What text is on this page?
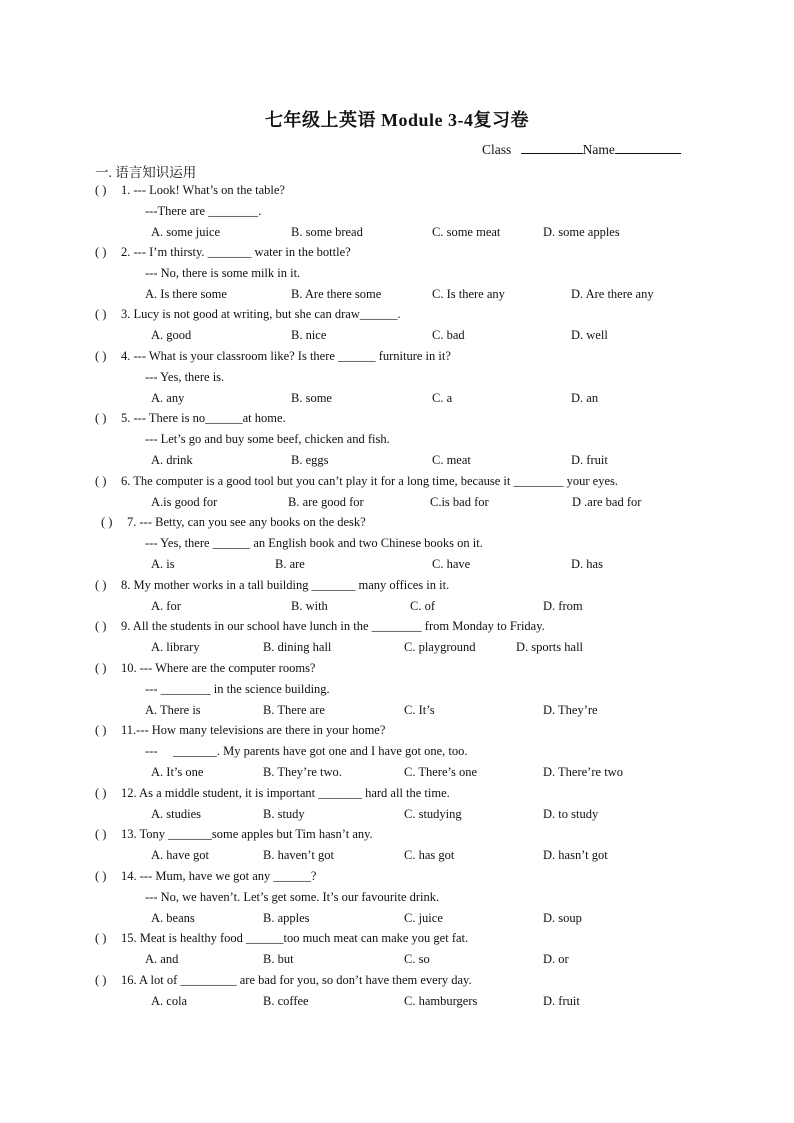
七年级上英语 Module 3-4复习卷
Class	Name
一. 语言知识运用
( ) 1. --- Look! What’s on the table?
---There are ________.
A. some juice	B. some bread	C. some meat	D. some apples
( ) 2. --- I’m thirsty. _______ water in the bottle?
--- No, there is some milk in it.
A. Is there some	B. Are there some	C. Is there any	D. Are there any
( ) 3. Lucy is not good at writing, but she can draw______.
A. good	B. nice	C. bad	D. well
( ) 4. --- What is your classroom like? Is there ______ furniture in it?
--- Yes, there is.
A. any	B. some	C. a	D. an
( ) 5. --- There is no______at home.
--- Let’s go and buy some beef, chicken and fish.
A. drink	B. eggs	C. meat	D. fruit
( ) 6. The computer is a good tool but you can’t play it for a long time, because it ________ your eyes.
A.is good for	B. are good for	C.is bad for	D .are bad for
( ) 7. --- Betty, can you see any books on the desk?
--- Yes, there ______ an English book and two Chinese books on it.
A. is	B. are	C. have	D. has
( ) 8. My mother works in a tall building _______ many offices in it.
A. for	B. with	C. of	D. from
( ) 9. All the students in our school have lunch in the ________ from Monday to Friday.
A. library	B. dining hall	C. playground	D. sports hall
( ) 10. --- Where are the computer rooms?
--- ________ in the science building.
A. There is	B. There are	C. It’s	D. They’re
( ) 11.--- How many televisions are there in your home?
---     _______. My parents have got one and I have got one, too.
A. It’s one	B. They’re two.	C. There’s one	D. There’re two
( ) 12. As a middle student, it is important _______ hard all the time.
A. studies	B. study	C. studying	D. to study
( ) 13. Tony _______some apples but Tim hasn’t any.
A. have got	B. haven’t got	C. has got	D. hasn’t got
( ) 14. --- Mum, have we got any ______?
--- No, we haven’t. Let’s get some. It’s our favourite drink.
A. beans	B. apples	C. juice	D. soup
( ) 15. Meat is healthy food ______too much meat can make you get fat.
A. and	B. but	C. so	D. or
( ) 16. A lot of _________ are bad for you, so don’t have them every day.
A. cola	B. coffee	C. hamburgers	D. fruit
